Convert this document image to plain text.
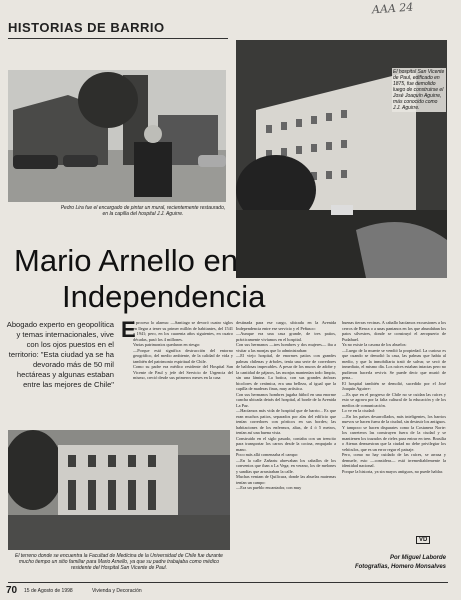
HISTORIAS DE BARRIO
AAA 24
Pedro Lira fue el encargado de pintar un mural, recientemente restaurado, en la capilla del hospital J.J. Aguirre.
El hospital San Vicente de Paul, edificado en 1875, fue demolido luego de construirse el José Joaquín Aguirre, más conocido como J.J. Aguirre.
Mario Arnello en
Independencia
Abogado experto en geopolítica y temas internacionales, vive con los ojos puestos en el territorio: "Esta ciudad ya se ha devorado más de 50 mil hectáreas y algunas estaban entre las mejores de Chile"
E
l proceso lo alarma: —Santiago se devoró cuatro siglos en llegar a tener su primer millón de habitantes, del 1541 a 1941; pero, en los cuarenta años siguientes, en cuatro décadas, pasó los 4 millones.
Varias patrimonios quedaron en riesgo:
—Porque está significa destrucción del entorno geográfico, del medio ambiente, de la calidad de vida y también del patrimonio espiritual de Chile.
Como su padre era médico residente del Hospital San Vicente de Paul y jefe del Servicio de Urgencia del mismo, creció desde sus primeros meses en la casa
destinada para ese cargo, ubicada en la Avenida Independencia entre ese servicio y el Peñasco:
—Aunque era una casa grande, de tres patios, prácticamente vivíamos en el hospital.
Con sus hermanos —tres hombres y dos mujeres— iba a visitar a las monjas que lo administraban:
—El viejo hospital, de enormes patios con grandes palmas chilenas y árboles, tenía una serie de corredores de baldosas impecables. A pesar de los muros de adobe y la cantidad de pájaros, las monjas mantenían todo limpio, sin una lámina. La botica, con sus grandes ánforas bicolores de cerámica, era una belleza, al igual que la capilla de maderas finas, muy artística.
Con sus hermanos hombres jugaba fútbol en una enorme cancha ubicada detrás del hospital, al borde de la Avenida La Paz.
—Hacíamos más vida de hospital que de barrio... Es que eran muchos patios, separados por alas del edificio que tenían corredores con pórticos en sus bordes; las habitaciones de los enfermos, altas, de 4 ó 5 metros, tenían así una buena vista.
Construido en el siglo pasado, contaba con un trencito para transportar los carros desde la cocina, empujado a mano.
Poco más allá comenzaba el campo:
—En la calle Zañartu abrevaban los caballos de los conventos que iban a La Vega; en verano, los de melones y sandías que arrastraban la calle.
Muchas veniam de Quilicura, donde las abuelas maternas tenían un campo:
—Era un pueblo encantador, con muy
buenas tierras vecinas. A caballo hacíamos excursiones a los cerros de Renca o a unas pantanos en los que abundaban los patos silvestres, donde se construyó el aeropuerto de Pudahuel.
Ya no existe la casona de los abuelos:
—Luego de la muerte se vendió la propiedad. La curioso es que cuando se demolió la casa, las palmas que había al medio, y que la inmobiliaria trató de salvar, se secó de inmediato, el mismo día. Los raíces estaban intactas pero no pudieron hacerla revivir. Se puede decir que murió de pena...
El hospital también se demolió, sucedido por el José Joaquín Aguirre:
—Es que en el progreso de Chile no se cuidan las raíces y esto se agrava por la falta cultural de la educación y de los medios de comunicación.
Lo ve en la ciudad:
—En los países desarrollados, más inteligentes, los barrios nuevos se hacen fuera de la ciudad, sin destruir los antiguos. Y tampoco se hacen disparates como la Costanera Norte: los carreteros las construyen fuera de la ciudad y se mantienen los trazados de rieles para entrar en tren. Brasilia o Atenas demuestran que la ciudad no debe privilegiar los vehículos, que es un error regar el paisaje.
Pero, como no hay cuidado de las raíces, se arrasa y demuele, esto —considera— está irremediablemente la identidad nacional.
Porque la historia, ya sin mayos antiguos, no puede hablar.
El terreno donde se encuentra la Facultad de Medicina de la Universidad de Chile fue durante mucho tiempo un sitio familiar para Mario Arnello, ya que su padre trabajaba como médico residente del Hospital San Vicente de Paul.
VD
Por Miguel Laborde
Fotografías, Homero Monsalves
70 15 de Agosto de 1998	Vivienda y Decoración
